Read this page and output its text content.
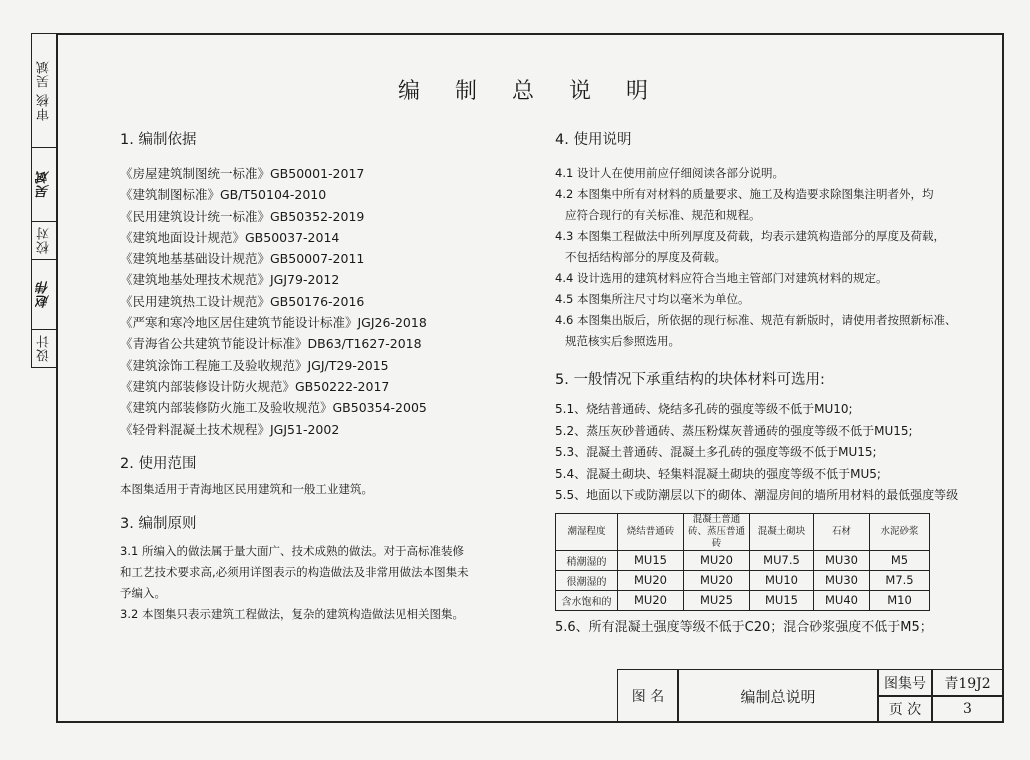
审核 吴斌
吴斌
校对
赵伟
设计
编 制 总 说 明
1. 编制依据
《房屋建筑制图统一标准》GB50001-2017
《建筑制图标准》GB/T50104-2010
《民用建筑设计统一标准》GB50352-2019
《建筑地面设计规范》GB50037-2014
《建筑地基基础设计规范》GB50007-2011
《建筑地基处理技术规范》JGJ79-2012
《民用建筑热工设计规范》GB50176-2016
《严寒和寒冷地区居住建筑节能设计标准》JGJ26-2018
《青海省公共建筑节能设计标准》DB63/T1627-2018
《建筑涂饰工程施工及验收规范》JGJ/T29-2015
《建筑内部装修设计防火规范》GB50222-2017
《建筑内部装修防火施工及验收规范》GB50354-2005
《轻骨料混凝土技术规程》JGJ51-2002
2. 使用范围
本图集适用于青海地区民用建筑和一般工业建筑。
3. 编制原则
3.1 所编入的做法属于量大面广、技术成熟的做法。对于高标准装修
和工艺技术要求高,必须用详图表示的构造做法及非常用做法本图集未
予编入。
3.2 本图集只表示建筑工程做法，复杂的建筑构造做法见相关图集。
4. 使用说明
4.1 设计人在使用前应仔细阅读各部分说明。
4.2 本图集中所有对材料的质量要求、施工及构造要求除图集注明者外，均
应符合现行的有关标准、规范和规程。
4.3 本图集工程做法中所列厚度及荷载，均表示建筑构造部分的厚度及荷载，
不包括结构部分的厚度及荷载。
4.4 设计选用的建筑材料应符合当地主管部门对建筑材料的规定。
4.5 本图集所注尺寸均以毫米为单位。
4.6 本图集出版后，所依据的现行标准、规范有新版时，请使用者按照新标准、
规范核实后参照选用。
5. 一般情况下承重结构的块体材料可选用:
5.1、烧结普通砖、烧结多孔砖的强度等级不低于MU10;
5.2、蒸压灰砂普通砖、蒸压粉煤灰普通砖的强度等级不低于MU15;
5.3、混凝土普通砖、混凝土多孔砖的强度等级不低于MU15;
5.4、混凝土砌块、轻集料混凝土砌块的强度等级不低于MU5;
5.5、地面以下或防潮层以下的砌体、潮湿房间的墙所用材料的最低强度等级
潮湿程度	烧结普通砖	混凝土普通砖、蒸压普通砖	混凝土砌块	石材	水泥砂浆
稍潮湿的	MU15	MU20	MU7.5	MU30	M5
很潮湿的	MU20	MU20	MU10	MU30	M7.5
含水饱和的	MU20	MU25	MU15	MU40	M10
5.6、所有混凝土强度等级不低于C20；混合砂浆强度不低于M5；
图 名	编制总说明
图集号	青19J2
页 次	3
